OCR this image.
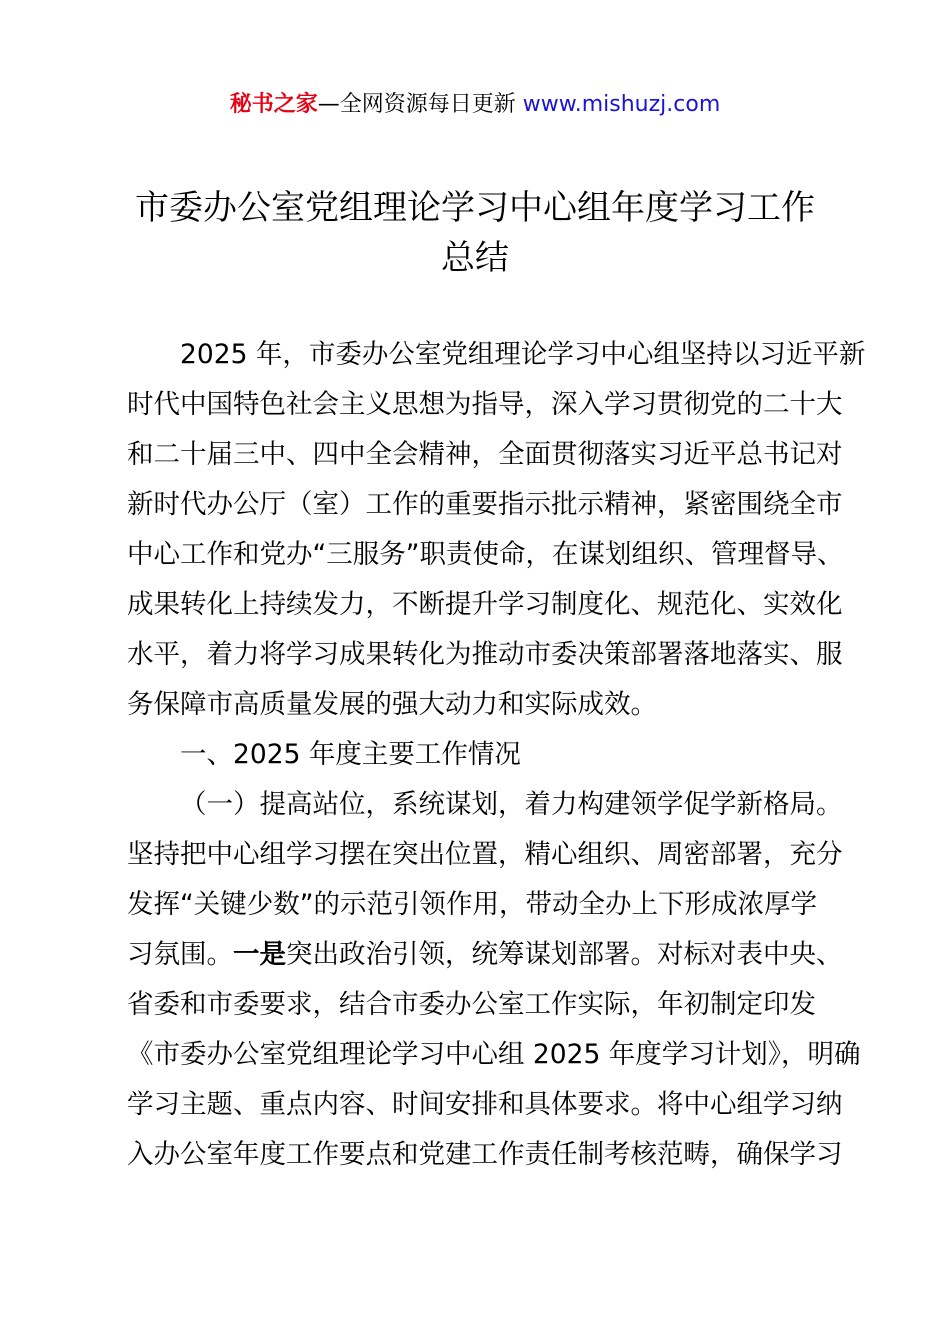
秘书之家—全网资源每日更新 www.mishuzj.com
市委办公室党组理论学习中心组年度学习工作
总结
2025 年，市委办公室党组理论学习中心组坚持以习近平新
时代中国特色社会主义思想为指导，深入学习贯彻党的二十大
和二十届三中、四中全会精神，全面贯彻落实习近平总书记对
新时代办公厅（室）工作的重要指示批示精神，紧密围绕全市
中心工作和党办“三服务”职责使命，在谋划组织、管理督导、
成果转化上持续发力，不断提升学习制度化、规范化、实效化
水平，着力将学习成果转化为推动市委决策部署落地落实、服
务保障市高质量发展的强大动力和实际成效。
一、2025 年度主要工作情况
（一）提高站位，系统谋划，着力构建领学促学新格局。
坚持把中心组学习摆在突出位置，精心组织、周密部署，充分
发挥“关键少数”的示范引领作用，带动全办上下形成浓厚学
习氛围。一是突出政治引领，统筹谋划部署。对标对表中央、
省委和市委要求，结合市委办公室工作实际，年初制定印发
《市委办公室党组理论学习中心组 2025 年度学习计划》，明确
学习主题、重点内容、时间安排和具体要求。将中心组学习纳
入办公室年度工作要点和党建工作责任制考核范畴，确保学习
